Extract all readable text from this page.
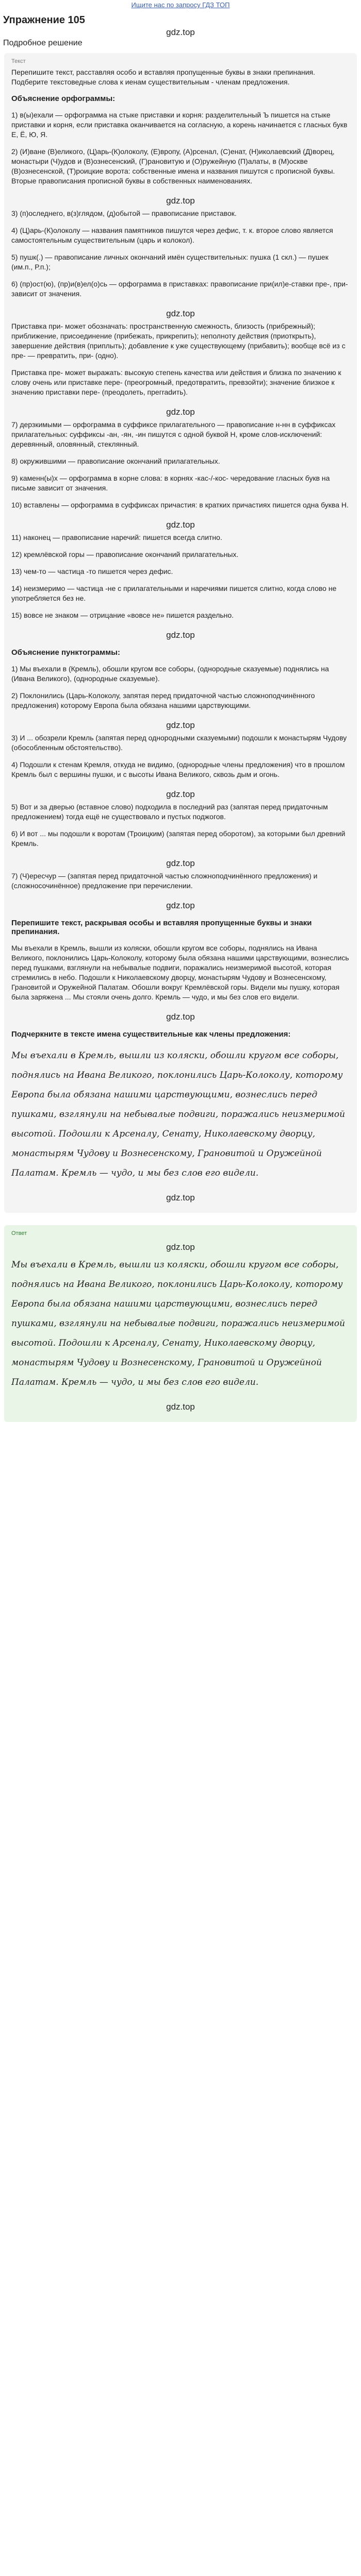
Ищите нас по запросу ГДЗ ТОП
Упражнение 105
gdz.top
Подробное решение
Текст

Перепишите текст, расставляя особо и вставляя пропущенные буквы в знаки препинания. Подберите текстоведные слова к иенам существительным - членам предложения.

Объяснение орфограммы:

1) в(ы)ехали — орфограмма на стыке приставки и корня: разделительный Ъ пишется на стыке приставки и корня, если приставка оканчивается на согласную, а корень начинается с гласных букв Е, Ё, Ю, Я.

2) (И)ване (В)еликого, (Ц)арь-(К)олоколу, (Е)вропу, (А)рсенал, (С)енат, (Н)иколаевский (Д)ворец, монастыри (Ч)удов и (В)ознесенский, (Г)рановитую и (О)ружейную (П)алаты, в (М)оскве (В)ознесенской, (Т)роицкие ворота: собственные имена и названия пишутся с прописной буквы. Вторые правописания прописной буквы в собственных наименованиях.

gdz.top

3) (п)оследнего, в(з)глядом, (д)обытой — правописание приставок.

4) (Ц)арь-(К)олоколу — названия памятников пишутся через дефис, т. к. второе слово является самостоятельным существительным (царь и колокол).

5) пушк(.) — правописание личных окончаний имён существительных: пушка (1 скл.) — пушек (им.п., Р.п.);

6) (пр)ост(ю), (пр)и(в)ел(о)сь — орфограмма в приставках: правописание при(ил)е-ставки пре-, при- зависит от значения.

gdz.top

Приставка при- может обозначать: пространственную смежность, близость (прибрежный); приближение, присоединение (прибежать, прикрепить); неполноту действия (приоткрыть), завершение действия (приплыть); добавление к уже существующему (прибавить); вообще всё из с пре- — превратить, при- (одно).

Приставка пре- может выражать: высокую степень качества или действия и близка по значению к слову очень или приставке пере- (преогромный, предотвратить, превзойти); значение близкое к значению приставки пере- (преодолеть, прегradить).

gdz.top

7) дерзкимыми — орфограмма в суффиксе прилагательного — правописание н-нн в суффиксах прилагательных: суффиксы -ан, -ян, -ин пишутся с одной буквой Н, кроме слов-исключений: деревянный, оловянный, стеклянный.

8) окружившими — правописание окончаний прилагательных.

9) каменн(ы)х — орфограмма в корне слова: в корнях -кас-/-кос- чередование гласных букв на письме зависит от значения.

10) вставлены — орфограмма в суффиксах причастия: в кратких причастиях пишется одна буква Н.

gdz.top

11) наконец — правописание наречий: пишется всегда слитно.

12) кремлёвской горы — правописание окончаний прилагательных.

13) чем-то — частица -то пишется через дефис.

14) неизмеримо — частица -не с прилагательными и наречиями пишется слитно, когда слово не употребляется без не.

15) вовсе не знаком — отрицание «вовсе не» пишется раздельно.

gdz.top
Объяснение пунктограммы:

1) Мы въехали в (Кремль), обошли кругом все соборы, (однородные сказуемые) поднялись на (Ивана Великого), (однородные сказуемые).

2) Поклонились (Царь-Колоколу, запятая перед придаточной частью сложноподчинённого предложения) которому Европа была обязана нашими царствующими.

gdz.top

3) И ... обозрели Кремль (запятая перед однородными сказуемыми) подошли к монастырям Чудову (обособленным обстоятельство).

4) Подошли к стенам Кремля, откуда не видимо, (однородные члены предложения) что в прошлом Кремль был с вершины пушки, и с высоты Ивана Великого, сквозь дым и огонь.

gdz.top

5) Вот и за дверью (вставное слово) подходила в последний раз (запятая перед придаточным предложением) тогда ещё не существовало и пустых поджогов.

6) И вот ... мы подошли к воротам (Троицким) (запятая перед оборотом), за которыми был древний Кремль.

gdz.top

7) (Ч)ересчур — (запятая перед придаточной частью сложноподчинённого предложения) и (сложносочинённое) предложение при перечислении.

gdz.top
Перепишите текст, раскрывая особы и вставляя пропущенные буквы и знаки препинания.

Мы въехали в Кремль, вышли из коляски, обошли кругом все соборы, поднялись на Ивана Великого, поклонились Царь-Колоколу, которому была обязана нашими царствующими, вознеслись перед пушками, взглянули на небывалые подвиги, поражались неизмеримой высотой, которая стремились в небо. Подошли к Николаевскому дворцу, монастырям Чудову и Вознесенскому, Грановитой и Оружейной Палатам. Обошли вокруг Кремлёвской горы. Видели мы пушку, которая была заряжена ... Мы стояли очень долго. Кремль — чудо, и мы без слов его видели.

gdz.top
Подчеркните в тексте имена существительные как члены предложения:

Мы въехали в Кремль, вышли из коляски, обошли кругом все соборы, поднялись на Ивана Великого, поклонились Царь-Колоколу, которому Европа была обязана нашими царствующими, вознеслись перед пушками, взглянули на небывалые подвиги, поражались неизмеримой высотой. Подошли к Арсеналу, Сенату, Николаевскому дворцу, монастырям Чудову и Вознесенскому, Грановитой и Оружейной Палатам. Кремль — чудо, и мы без слов его видели.

gdz.top
Ответ
gdz.top

Мы въехали в Кремль, вышли из коляски, обошли кругом все соборы, поднялись на Ивана Великого, поклонились Царь-Колоколу, которому Европа была обязана нашими царствующими, вознеслись перед пушками, взглянули на небывалые подвиги, поражались неизмеримой высотой. Подошли к Арсеналу, Сенату, Николаевскому дворцу, монастырям Чудову и Вознесенскому, Грановитой и Оружейной Палатам. Кремль — чудо, и мы без слов его видели.

gdz.top
